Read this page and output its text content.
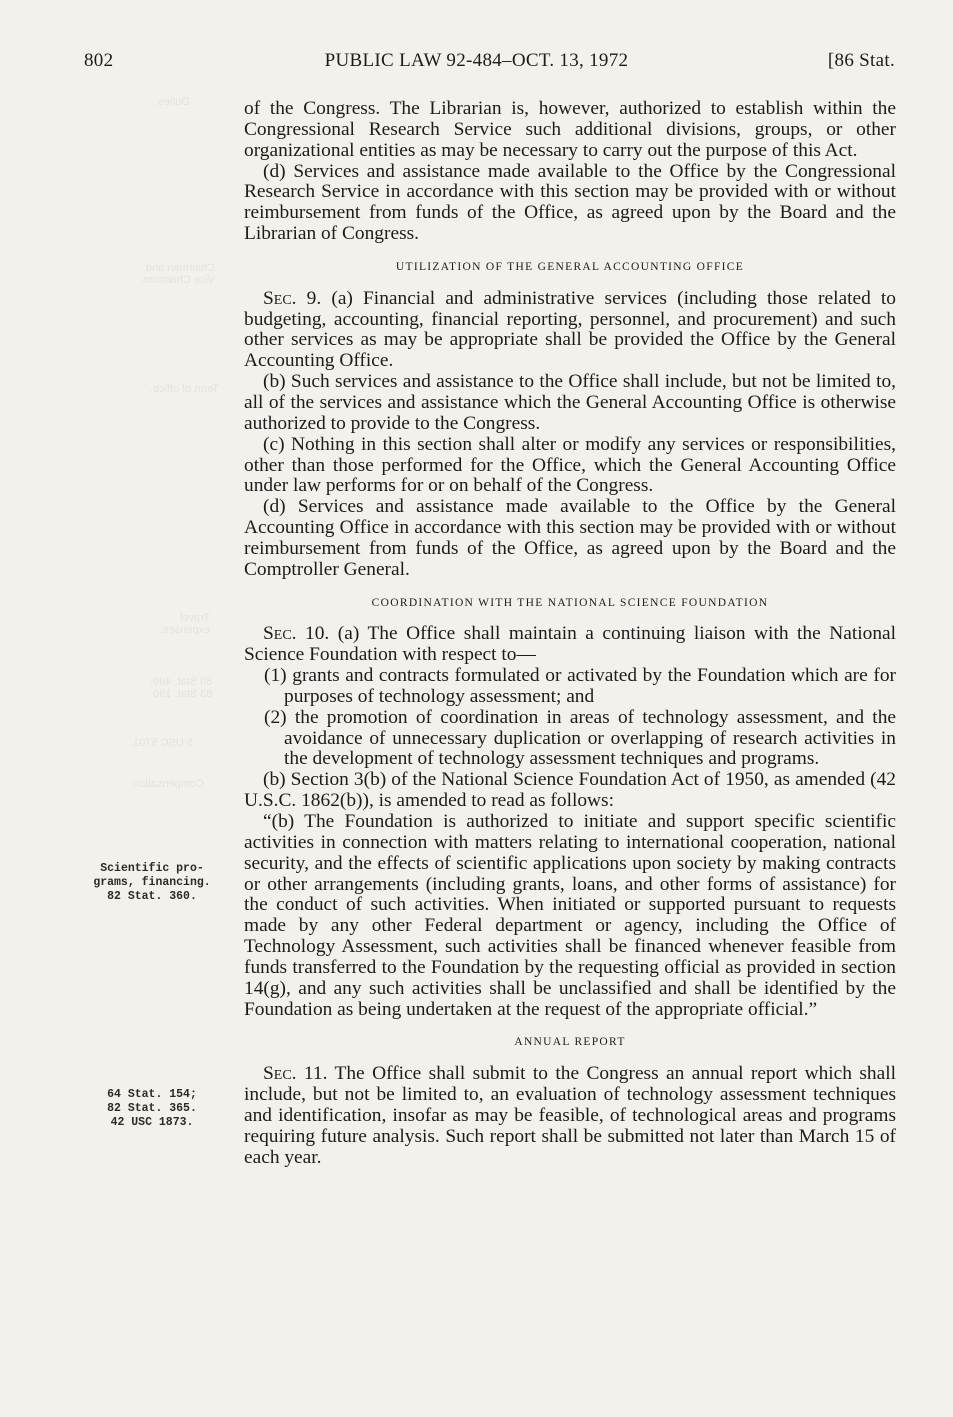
Duties.
Chairman and
Vice Chairman.
Term of office.
Travel
expenses.
80 Stat. 499;
83 Stat. 190.
5 USC 5701.
Compensation.
802	PUBLIC LAW 92-484–OCT. 13, 1972	[86 Stat.
Scientific pro-
grams, financing.
82 Stat. 360.
64 Stat. 154;
82 Stat. 365.
42 USC 1873.

of the Congress. The Librarian is, however, authorized to establish within the Congressional Research Service such additional divisions, groups, or other organizational entities as may be necessary to carry out the purpose of this Act.

(d) Services and assistance made available to the Office by the Congressional Research Service in accordance with this section may be provided with or without reimbursement from funds of the Office, as agreed upon by the Board and the Librarian of Congress.

UTILIZATION OF THE GENERAL ACCOUNTING OFFICE

Sec. 9. (a) Financial and administrative services (including those related to budgeting, accounting, financial reporting, personnel, and procurement) and such other services as may be appropriate shall be provided the Office by the General Accounting Office.

(b) Such services and assistance to the Office shall include, but not be limited to, all of the services and assistance which the General Accounting Office is otherwise authorized to provide to the Congress.

(c) Nothing in this section shall alter or modify any services or responsibilities, other than those performed for the Office, which the General Accounting Office under law performs for or on behalf of the Congress.

(d) Services and assistance made available to the Office by the General Accounting Office in accordance with this section may be provided with or without reimbursement from funds of the Office, as agreed upon by the Board and the Comptroller General.

COORDINATION WITH THE NATIONAL SCIENCE FOUNDATION

Sec. 10. (a) The Office shall maintain a continuing liaison with the National Science Foundation with respect to—

(1) grants and contracts formulated or activated by the Foundation which are for purposes of technology assessment; and

(2) the promotion of coordination in areas of technology assessment, and the avoidance of unnecessary duplication or overlapping of research activities in the development of technology assessment techniques and programs.

(b) Section 3(b) of the National Science Foundation Act of 1950, as amended (42 U.S.C. 1862(b)), is amended to read as follows:

“(b) The Foundation is authorized to initiate and support specific scientific activities in connection with matters relating to international cooperation, national security, and the effects of scientific applications upon society by making contracts or other arrangements (including grants, loans, and other forms of assistance) for the conduct of such activities. When initiated or supported pursuant to requests made by any other Federal department or agency, including the Office of Technology Assessment, such activities shall be financed whenever feasible from funds transferred to the Foundation by the requesting official as provided in section 14(g), and any such activities shall be unclassified and shall be identified by the Foundation as being undertaken at the request of the appropriate official.”

ANNUAL REPORT

Sec. 11. The Office shall submit to the Congress an annual report which shall include, but not be limited to, an evaluation of technology assessment techniques and identification, insofar as may be feasible, of technological areas and programs requiring future analysis. Such report shall be submitted not later than March 15 of each year.
